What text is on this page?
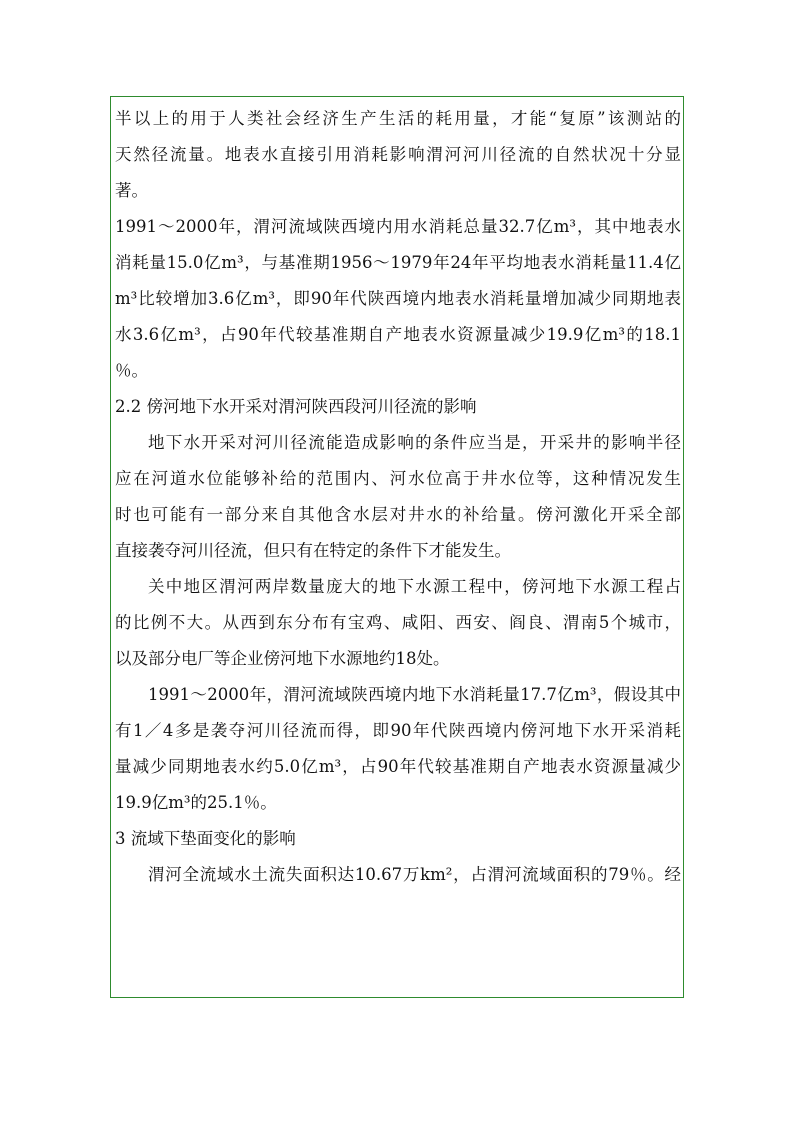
半以上的用于人类社会经济生产生活的耗用量，才能“复原”该测站的
天然径流量。地表水直接引用消耗影响渭河河川径流的自然状况十分显
著。
1991～2000年，渭河流域陕西境内用水消耗总量32.7亿m³，其中地表水
消耗量15.0亿m³，与基准期1956～1979年24年平均地表水消耗量11.4亿
m³比较增加3.6亿m³，即90年代陕西境内地表水消耗量增加减少同期地表
水3.6亿m³，占90年代较基准期自产地表水资源量减少19.9亿m³的18.1
％。
2.2 傍河地下水开采对渭河陕西段河川径流的影响
地下水开采对河川径流能造成影响的条件应当是，开采井的影响半径
应在河道水位能够补给的范围内、河水位高于井水位等，这种情况发生
时也可能有一部分来自其他含水层对井水的补给量。傍河激化开采全部
直接袭夺河川径流，但只有在特定的条件下才能发生。
关中地区渭河两岸数量庞大的地下水源工程中，傍河地下水源工程占
的比例不大。从西到东分布有宝鸡、咸阳、西安、阎良、渭南5个城市，
以及部分电厂等企业傍河地下水源地约18处。
1991～2000年，渭河流域陕西境内地下水消耗量17.7亿m³，假设其中
有1／4多是袭夺河川径流而得，即90年代陕西境内傍河地下水开采消耗
量减少同期地表水约5.0亿m³，占90年代较基准期自产地表水资源量减少
19.9亿m³的25.1％。
3 流域下垫面变化的影响
渭河全流域水土流失面积达10.67万km²，占渭河流域面积的79％。经
